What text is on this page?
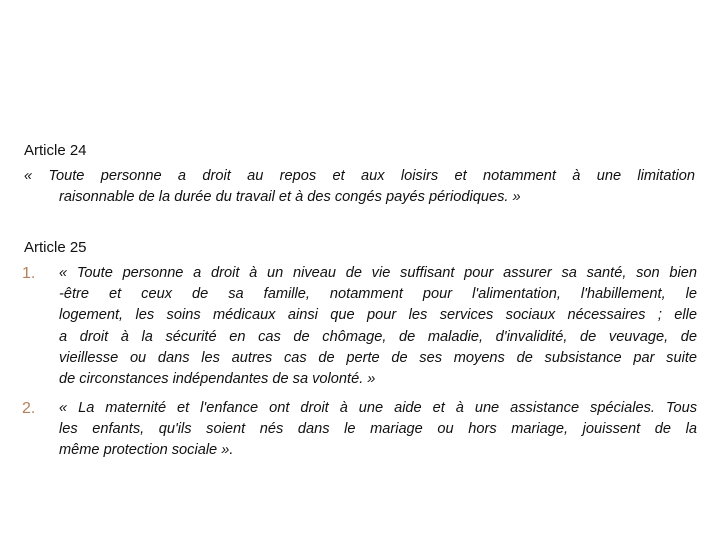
Article 24
« Toute personne a droit au repos et aux loisirs et notamment à une limitation
raisonnable de la durée du travail et à des congés payés périodiques. »
Article 25
1. « Toute personne a droit à un niveau de vie suffisant pour assurer sa santé, son bien
-être et ceux de sa famille, notamment pour l'alimentation, l'habillement, le
logement, les soins médicaux ainsi que pour les services sociaux nécessaires ; elle
a droit à la sécurité en cas de chômage, de maladie, d'invalidité, de veuvage, de
vieillesse ou dans les autres cas de perte de ses moyens de subsistance par suite
de circonstances indépendantes de sa volonté. »
2. « La maternité et l'enfance ont droit à une aide et à une assistance spéciales. Tous
les enfants, qu'ils soient nés dans le mariage ou hors mariage, jouissent de la
même protection sociale ».
